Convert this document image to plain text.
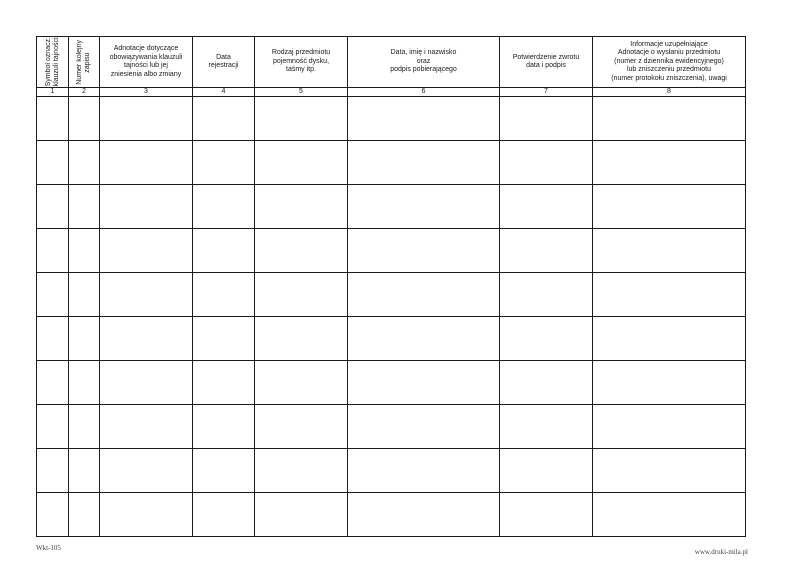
Symbol oznacz. klauzuli tajności	Numer kolejny zapisu	Adnotacje dotyczące
obowiązywania klauzuli
tajności lub jej
zniesienia albo zmiany	Data
rejestracji	Rodzaj przedmiotu
pojemność dysku,
taśmy itp.	Data, imię i nazwisko
oraz
podpis pobierającego	Potwierdzenie zwrotu
data i podpis	Informacje uzupełniające
Adnotacje o wysłaniu przedmiotu
(numer z dziennika ewidencyjnego)
lub zniszczeniu przedmiotu
(numer protokołu zniszczenia), uwagi

1	2	3	4	5	6	7	8

Wkt-105	www.druki-mila.pl
